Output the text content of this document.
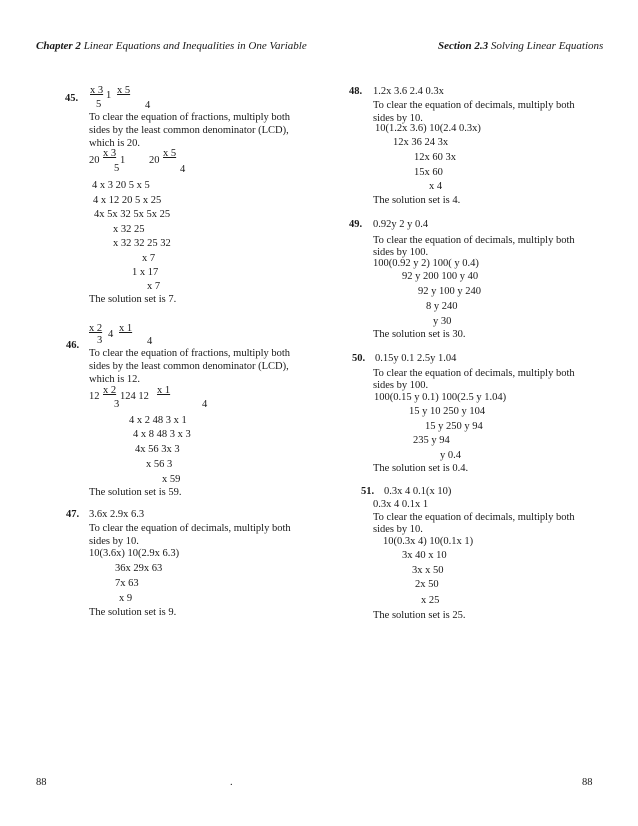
Chapter 2 Linear Equations and Inequalities in One Variable	Section 2.3 Solving Linear Equations
45.
x 3
5
1 x 5
4
To clear the equation of fractions, multiply both
sides by the least common denominator (LCD),
which is 20.
20
x 3
5
1 20
x 5
4
4 x 3 20 5 x 5
4 x 12 20 5 x 25
4x 5x 32 5x 5x 25
x 32 25
x 32 32 25 32
x 7
1 x 17
x 7
The solution set is 7.
x 2
3
4
x 1
4
46.
To clear the equation of fractions, multiply both
sides by the least common denominator (LCD),
which is 12.
12
x 2
3
124 12
x 1
4
4 x 2 48 3 x 1
4 x 8 48 3 x 3
4x 56 3x 3
x 56 3
x 59
The solution set is 59.
47. 3.6x 2.9x 6.3
To clear the equation of decimals, multiply both
sides by 10.
10(3.6x) 10(2.9x 6.3)
36x 29x 63
7x 63
x 9
The solution set is 9.
48. 1.2x 3.6 2.4 0.3x
To clear the equation of decimals, multiply both
sides by 10.
10(1.2x 3.6) 10(2.4 0.3x)
12x 36 24 3x
12x 60 3x
15x 60
x 4
The solution set is 4.
49. 0.92y 2 y 0.4
To clear the equation of decimals, multiply both
sides by 100.
100(0.92 y 2) 100( y 0.4)
92 y 200 100 y 40
92 y 100 y 240
8 y 240
y 30
The solution set is 30.
50. 0.15y 0.1 2.5y 1.04
To clear the equation of decimals, multiply both
sides by 100.
100(0.15 y 0.1) 100(2.5 y 1.04)
15 y 10 250 y 104
15 y 250 y 94
235 y 94
y 0.4
The solution set is 0.4.
51. 0.3x 4 0.1(x 10)
0.3x 4 0.1x 1
To clear the equation of decimals, multiply both
sides by 10.
10(0.3x 4) 10(0.1x 1)
3x 40 x 10
3x x 50
2x 50
x 25
The solution set is 25.
88	.	88
